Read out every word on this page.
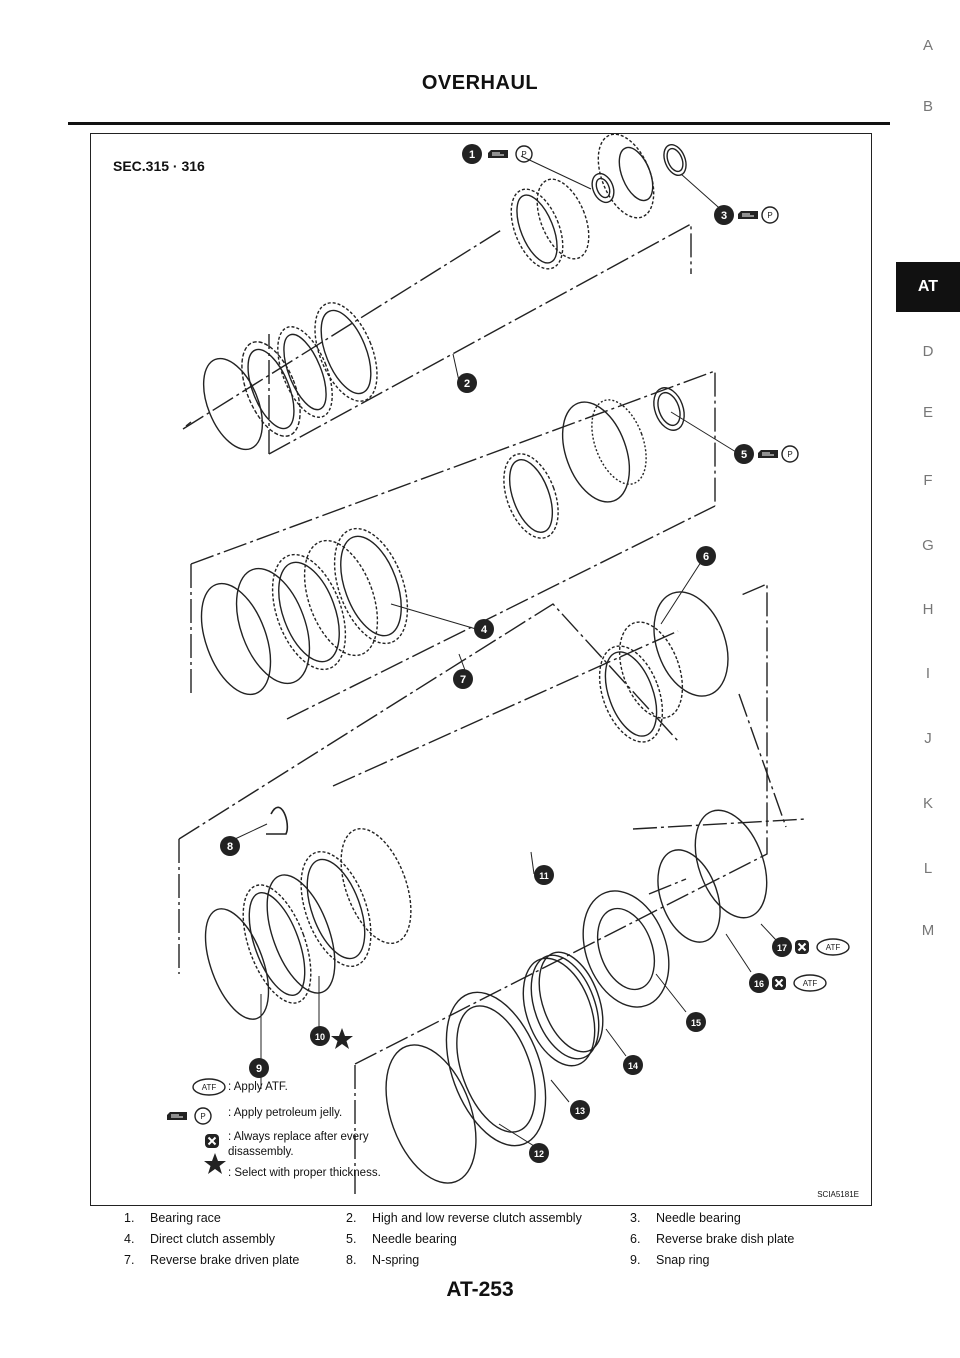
OVERHAUL
A
B
AT
D
E
F
G
H
I
J
K
L
M
1
2
3
4
5
6
7
8
9
10
11
12
13
14
15
16
17
P
P
P
ATF
ATF
ATF
P
SEC.315 · 316
SCIA5181E
: Apply ATF.
: Apply petroleum jelly.
: Always replace after every disassembly.
: Select with proper thickness.
1.	Bearing race	2.	High and low reverse clutch assembly	3.	Needle bearing
4.	Direct clutch assembly	5.	Needle bearing	6.	Reverse brake dish plate
7.	Reverse brake driven plate	8.	N-spring	9.	Snap ring
AT-253
